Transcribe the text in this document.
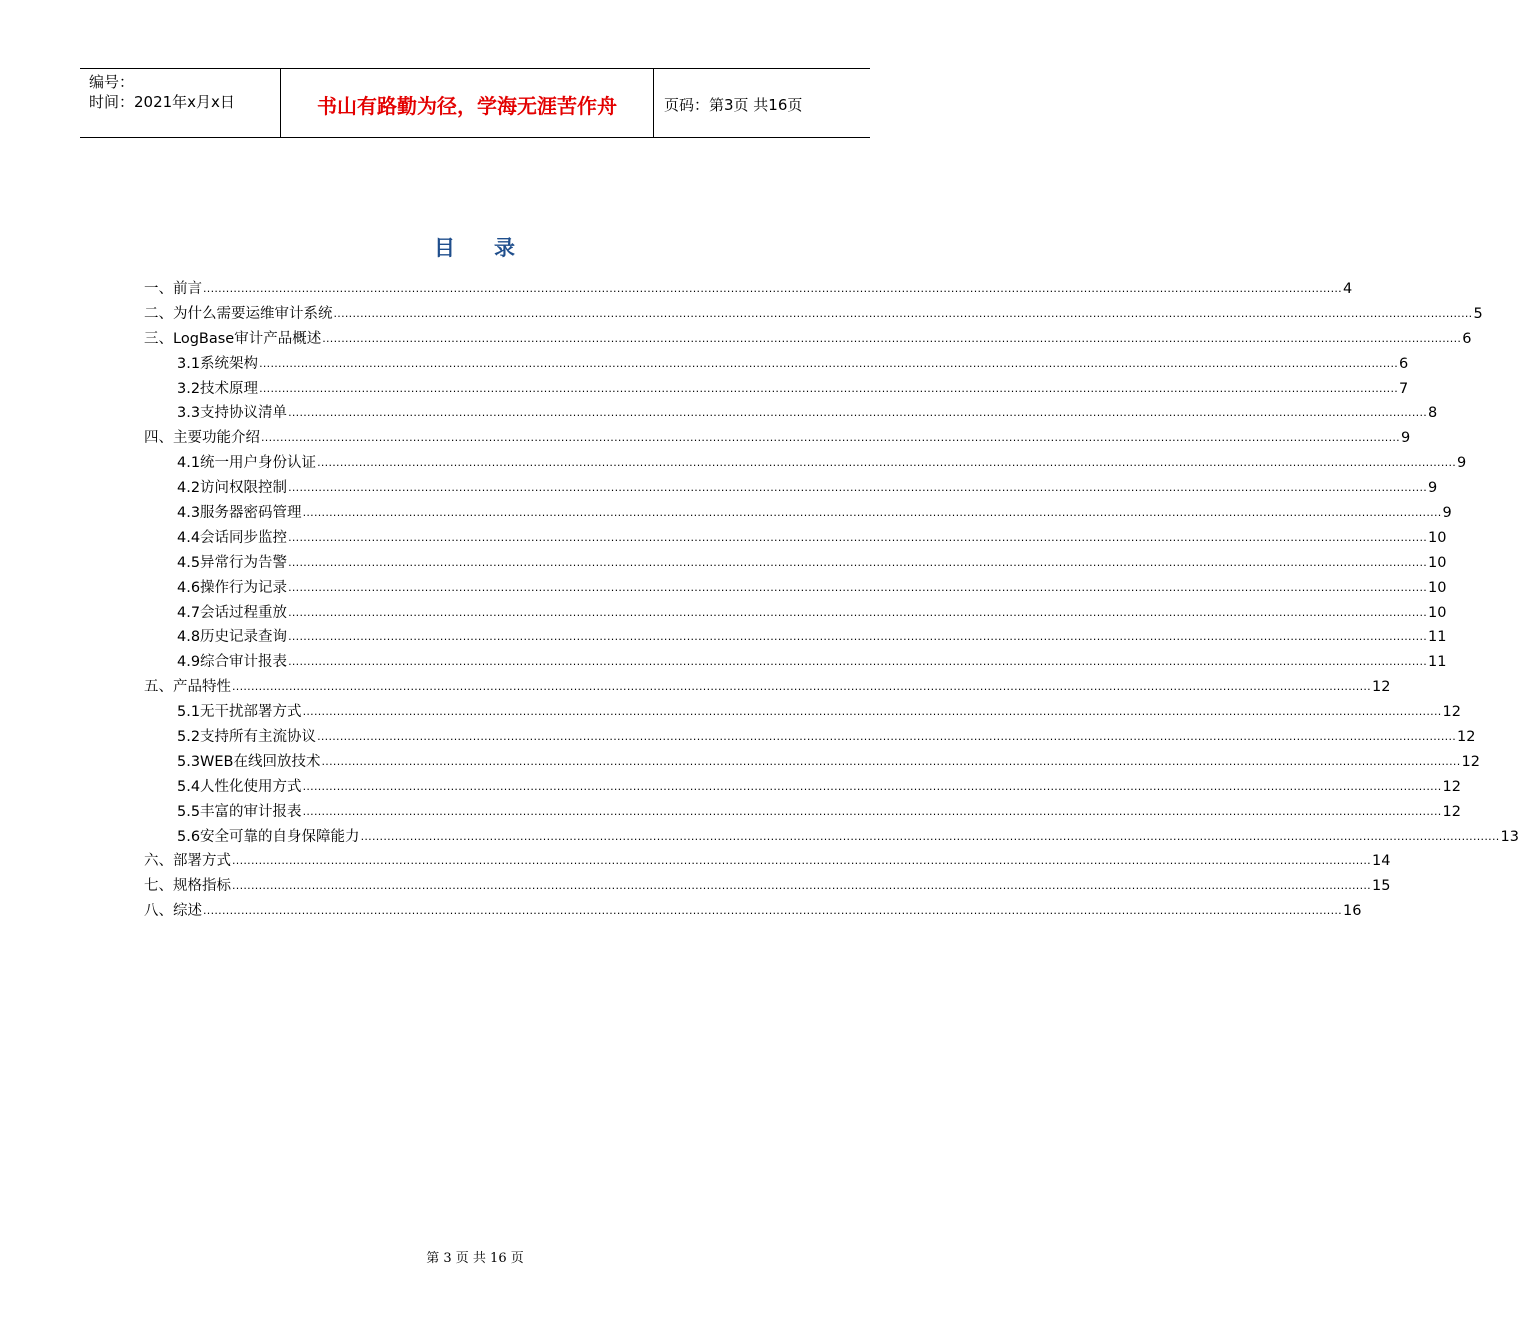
编号：
时间：2021年x月x日	书山有路勤为径，学海无涯苦作舟	页码：第3页 共16页
目 录
一、前言 ............................................................................................................................................................................................................................................................................................................ 4
二、为什么需要运维审计系统 ............................................................................................................................................................................................................................................................................................................ 5
三、LogBase审计产品概述 ............................................................................................................................................................................................................................................................................................................ 6
3.1系统架构 ............................................................................................................................................................................................................................................................................................................ 6
3.2技术原理 ............................................................................................................................................................................................................................................................................................................ 7
3.3支持协议清单 ............................................................................................................................................................................................................................................................................................................ 8
四、主要功能介绍 ............................................................................................................................................................................................................................................................................................................ 9
4.1统一用户身份认证 ............................................................................................................................................................................................................................................................................................................ 9
4.2访问权限控制 ............................................................................................................................................................................................................................................................................................................ 9
4.3服务器密码管理 ............................................................................................................................................................................................................................................................................................................ 9
4.4会话同步监控 ............................................................................................................................................................................................................................................................................................................ 10
4.5异常行为告警 ............................................................................................................................................................................................................................................................................................................ 10
4.6操作行为记录 ............................................................................................................................................................................................................................................................................................................ 10
4.7会话过程重放 ............................................................................................................................................................................................................................................................................................................ 10
4.8历史记录查询 ............................................................................................................................................................................................................................................................................................................ 11
4.9综合审计报表 ............................................................................................................................................................................................................................................................................................................ 11
五、产品特性 ............................................................................................................................................................................................................................................................................................................ 12
5.1无干扰部署方式 ............................................................................................................................................................................................................................................................................................................ 12
5.2支持所有主流协议 ............................................................................................................................................................................................................................................................................................................ 12
5.3WEB在线回放技术 ............................................................................................................................................................................................................................................................................................................ 12
5.4人性化使用方式 ............................................................................................................................................................................................................................................................................................................ 12
5.5丰富的审计报表 ............................................................................................................................................................................................................................................................................................................ 12
5.6安全可靠的自身保障能力 ............................................................................................................................................................................................................................................................................................................ 13
六、部署方式 ............................................................................................................................................................................................................................................................................................................ 14
七、规格指标 ............................................................................................................................................................................................................................................................................................................ 15
八、综述 ............................................................................................................................................................................................................................................................................................................ 16
第 3 页 共 16 页
